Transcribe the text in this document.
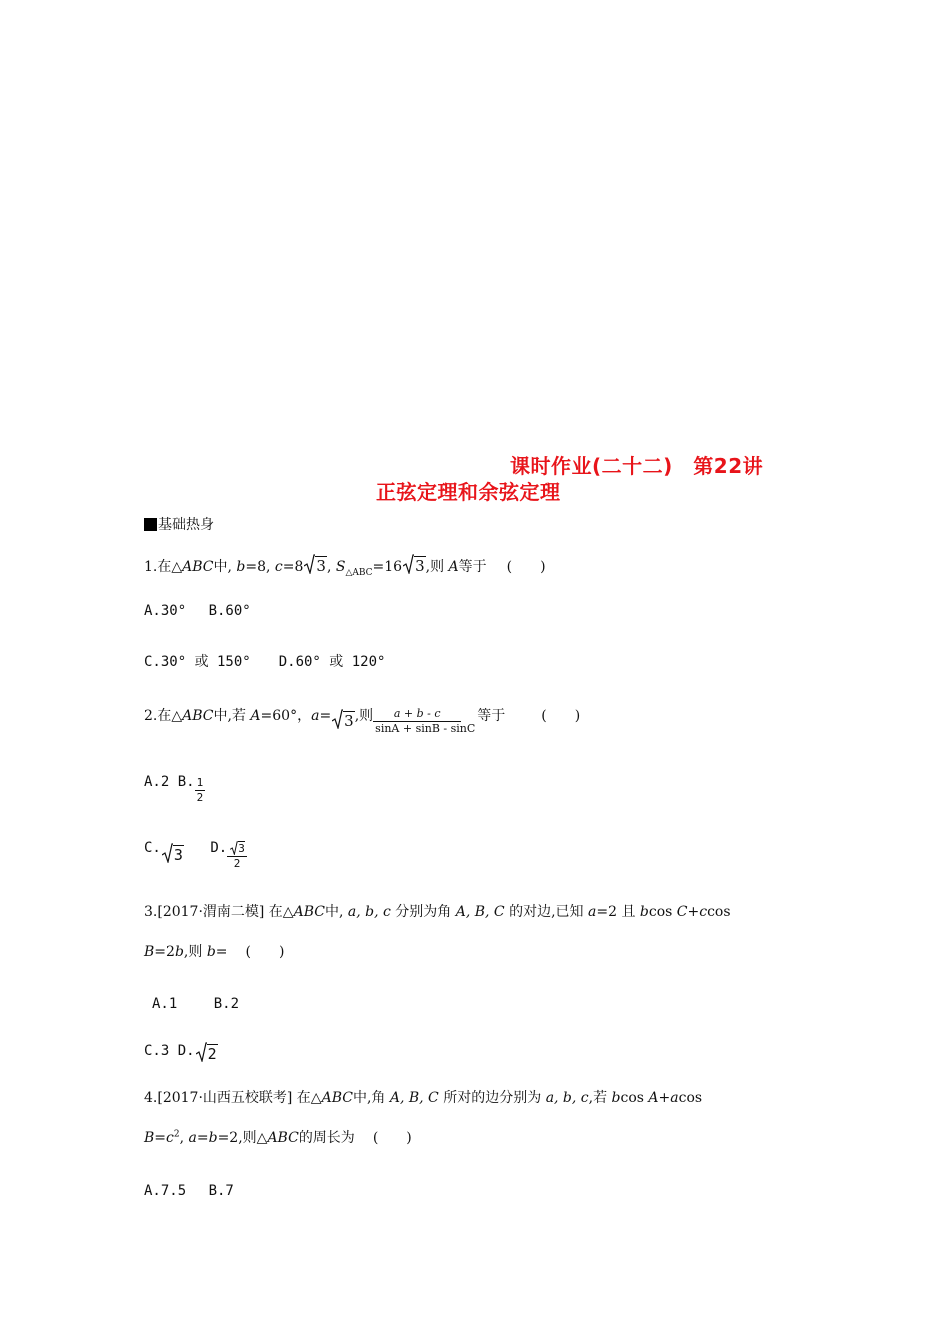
课时作业(二十二)　第22讲
正弦定理和余弦定理
基础热身
1.在△ABC中, b=8, c=8 3, $S_{\triangle ABC}=16$ 3,则 A等于 (　　)
A.30°　 B.60°
C.30° 或 150°　　D.60° 或 120°
2.在△ABC中,若 A=60°，a= 3,则 $\frac{a + b - c}{\sin A + \sin B - \sin C}$ 等于	(　　)
A.2 B. $\frac{1}{2}$
C. 3 D. $\frac{3}{2}$
3.[2017·渭南二模] 在△ABC中, a, b, c 分别为角 A, B, C 的对边,已知 a=2 且 bcos C+ccos
B=2b,则 b= (　　)
A.1　　 B.2
C.3 D. 2
4.[2017·山西五校联考] 在△ABC中,角 A, B, C 所对的边分别为 a, b, c,若 bcos A+acos
$B=c^2$, a=b=2,则△ABC的周长为 (　　)
A.7.5　 B.7
